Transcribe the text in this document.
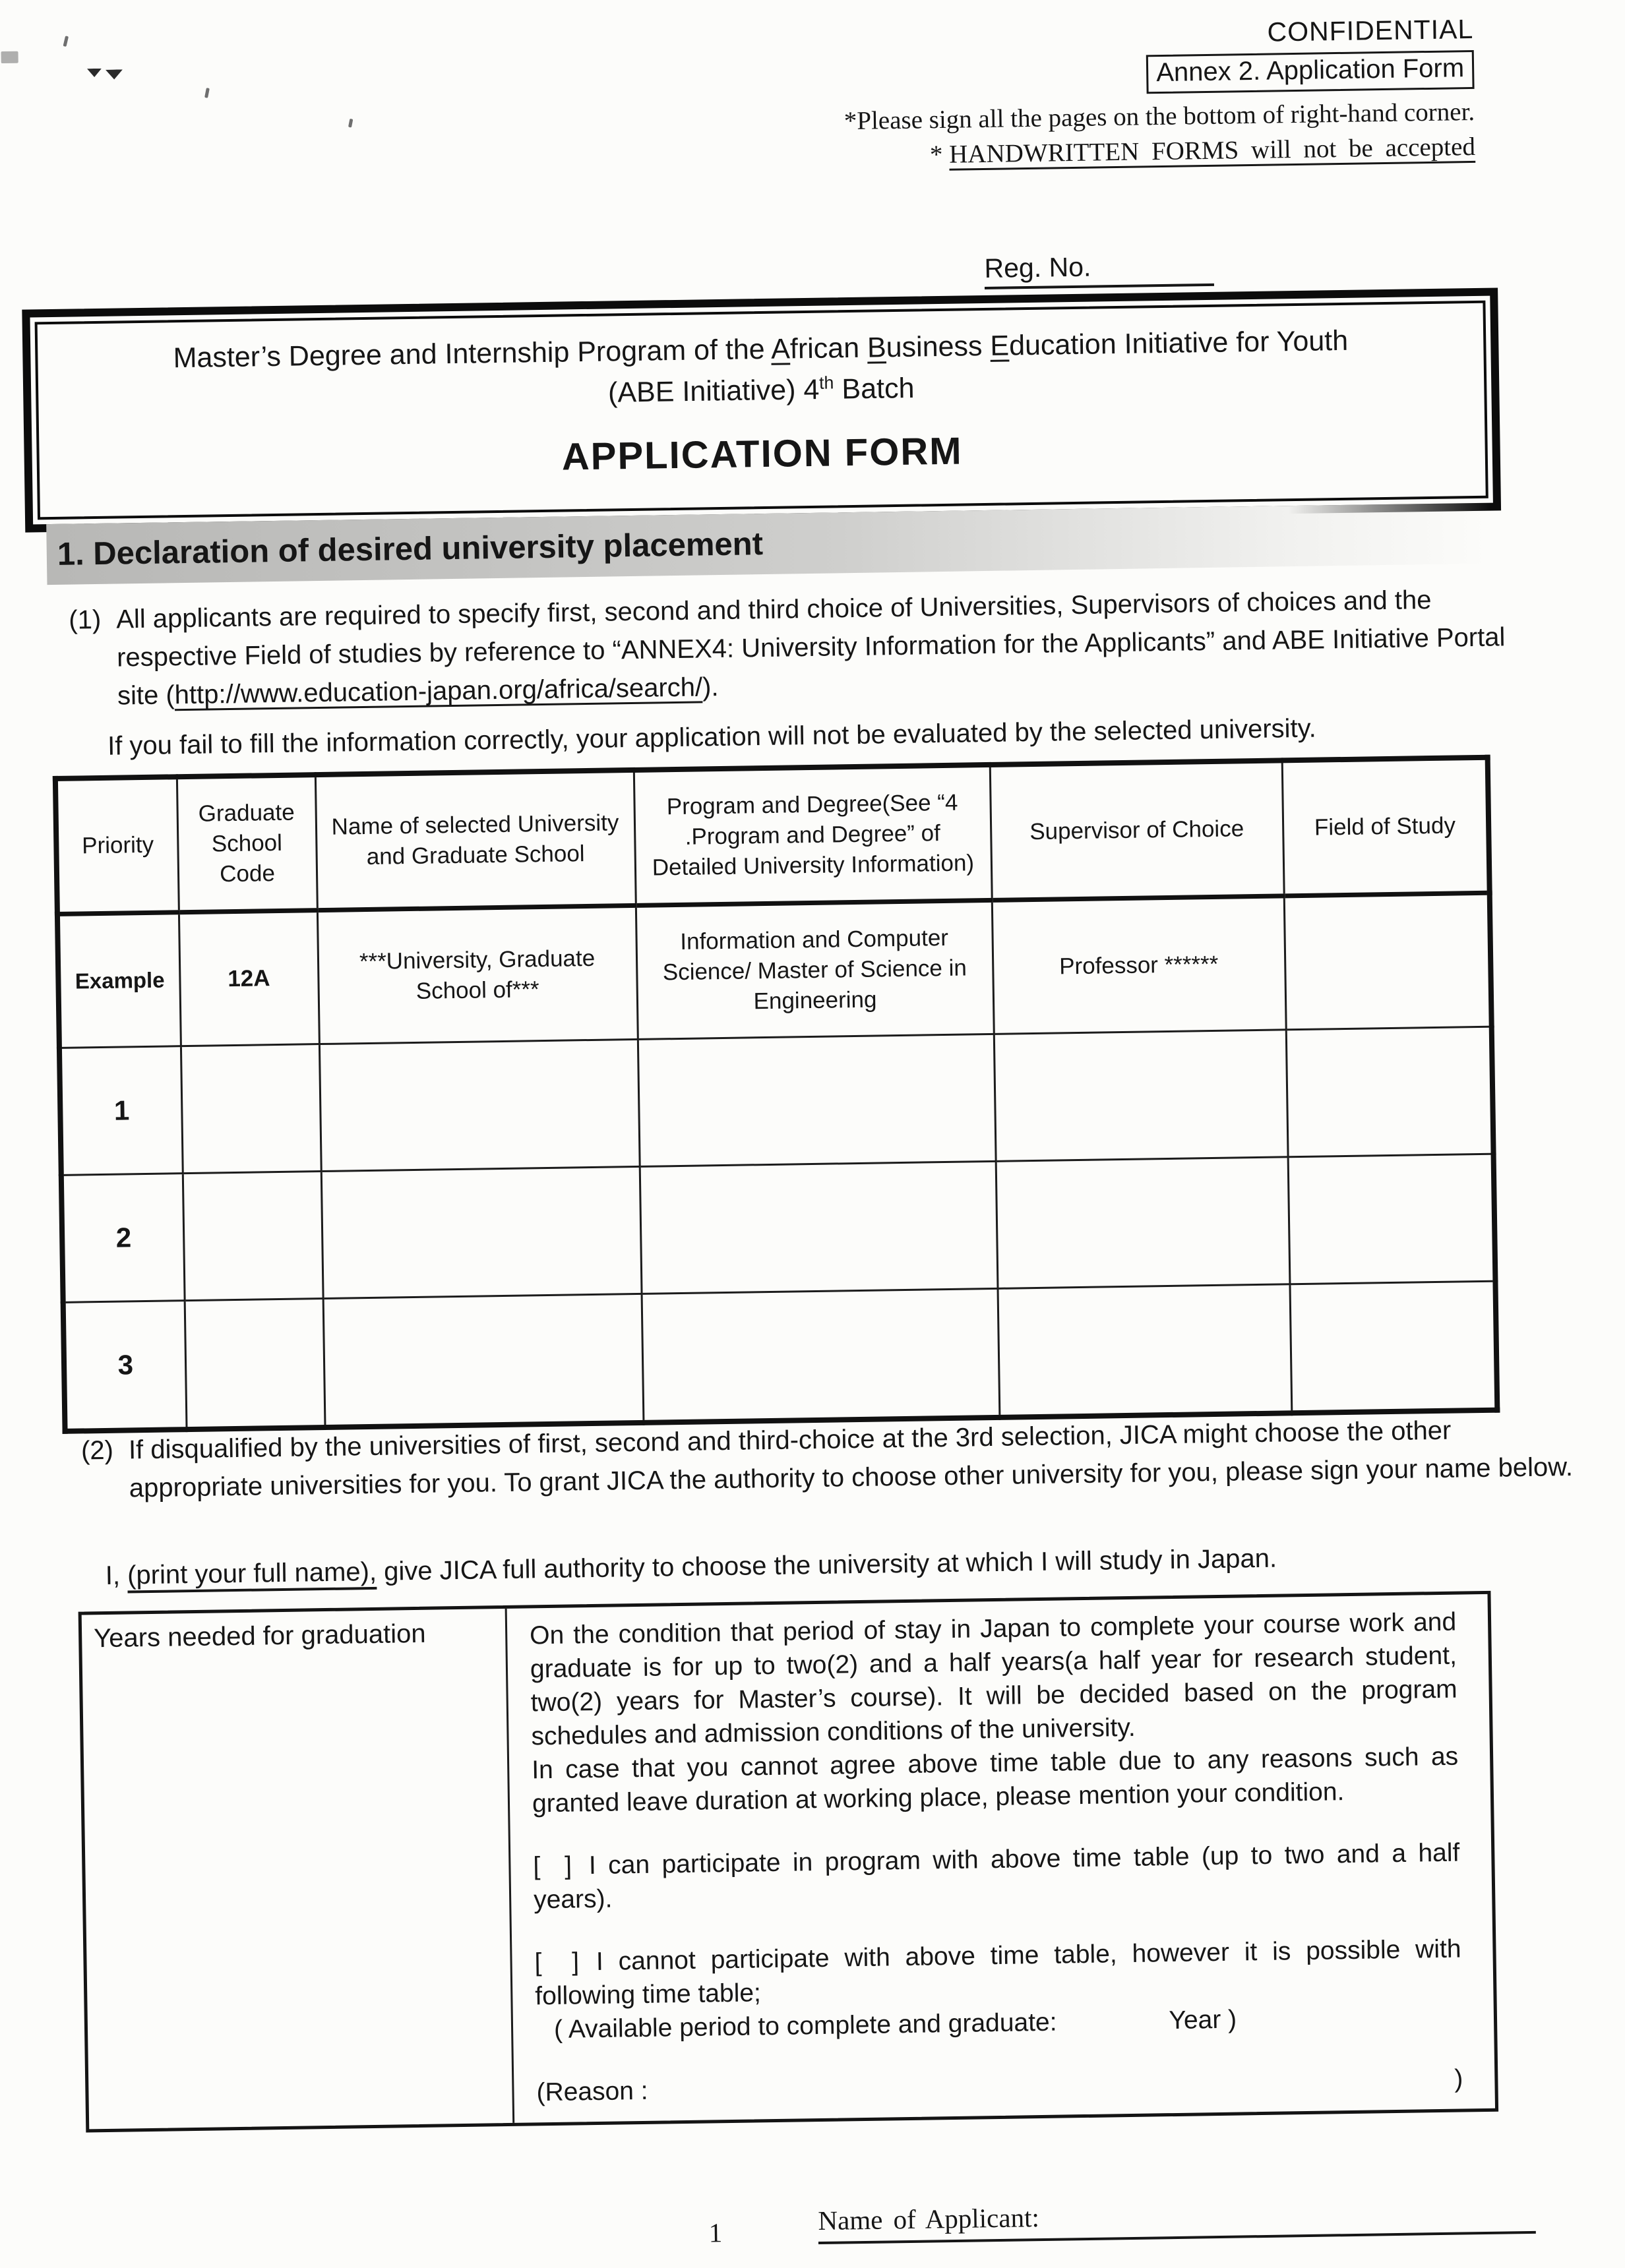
CONFIDENTIAL
Annex 2. Application Form
*Please sign all the pages on the bottom of right-hand corner.
* HANDWRITTEN FORMS will not be accepted
Reg. No.
Master’s Degree and Internship Program of the African Business Education Initiative for Youth
(ABE Initiative) 4th Batch
APPLICATION FORM
1. Declaration of desired university placement
(1) All applicants are required to specify first, second and third choice of Universities, Supervisors of choices and the respective Field of studies by reference to “ANNEX4: University Information for the Applicants” and ABE Initiative Portal site (http://www.education-japan.org/africa/search/).
If you fail to fill the information correctly, your application will not be evaluated by the selected university.
Priority	Graduate School Code	Name of selected University and Graduate School	Program and Degree(See “4 .Program and Degree” of Detailed University Information)	Supervisor of Choice	Field of Study
Example	12A	***University, Graduate School of***	Information and Computer Science/ Master of Science in Engineering	Professor ******	
1					
2					
3					
(2) If disqualified by the universities of first, second and third-choice at the 3rd selection, JICA might choose the other appropriate universities for you. To grant JICA the authority to choose other university for you, please sign your name below.
I, (print your full name), give JICA full authority to choose the university at which I will study in Japan.
Years needed for graduation	On the condition that period of stay in Japan to complete your course work and graduate is for up to two(2) and a half years(a half year for research student, two(2) years for Master’s course). It will be decided based on the program schedules and admission conditions of the university.
In case that you cannot agree above time table due to any reasons such as granted leave duration at working place, please mention your condition.
[  ] I can participate in program with above time table (up to two and a half years).
[  ] I cannot participate with above time table, however it is possible with following time table;
( Available period to complete and graduate:	Year )
(Reason :	)
1	Name of Applicant:
